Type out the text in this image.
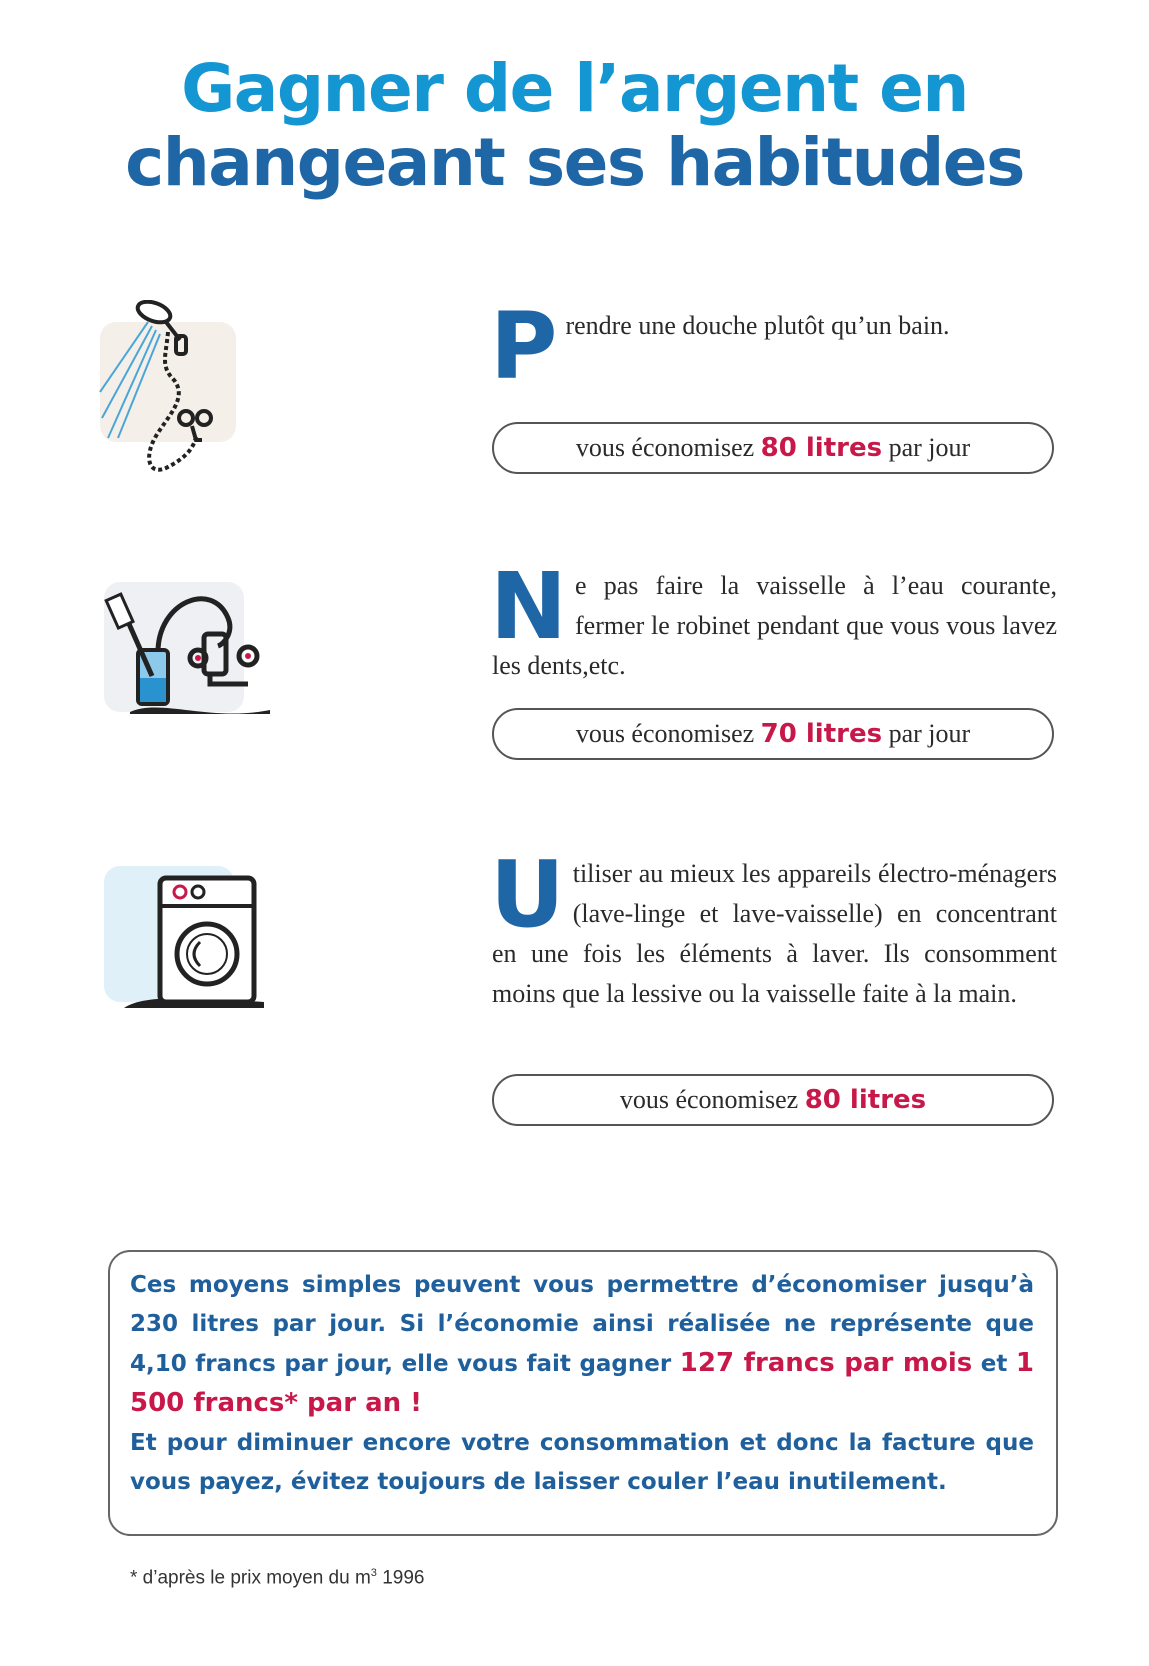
Gagner de l’argent en
changeant ses habitudes

Prendre une douche plutôt qu’un bain.

vous économisez 80 litres par jour

Ne pas faire la vaisselle à l’eau courante, fermer le robinet pendant que vous vous lavez les dents,etc.

vous économisez 70 litres par jour

Utiliser au mieux les appareils électro-ménagers (lave-linge et lave-vaisselle) en concentrant en une fois les éléments à laver. Ils consomment moins que la lessive ou la vaisselle faite à la main.

vous économisez 80 litres

Ces moyens simples peuvent vous permettre d’économiser jusqu’à 230 litres par jour. Si l’économie ainsi réalisée ne représente que 4,10 francs par jour, elle vous fait gagner 127 francs par mois et 1 500 francs* par an !

Et pour diminuer encore votre consommation et donc la facture que vous payez, évitez toujours de laisser couler l’eau inutilement.

* d’après le prix moyen du $m^3$ 1996
